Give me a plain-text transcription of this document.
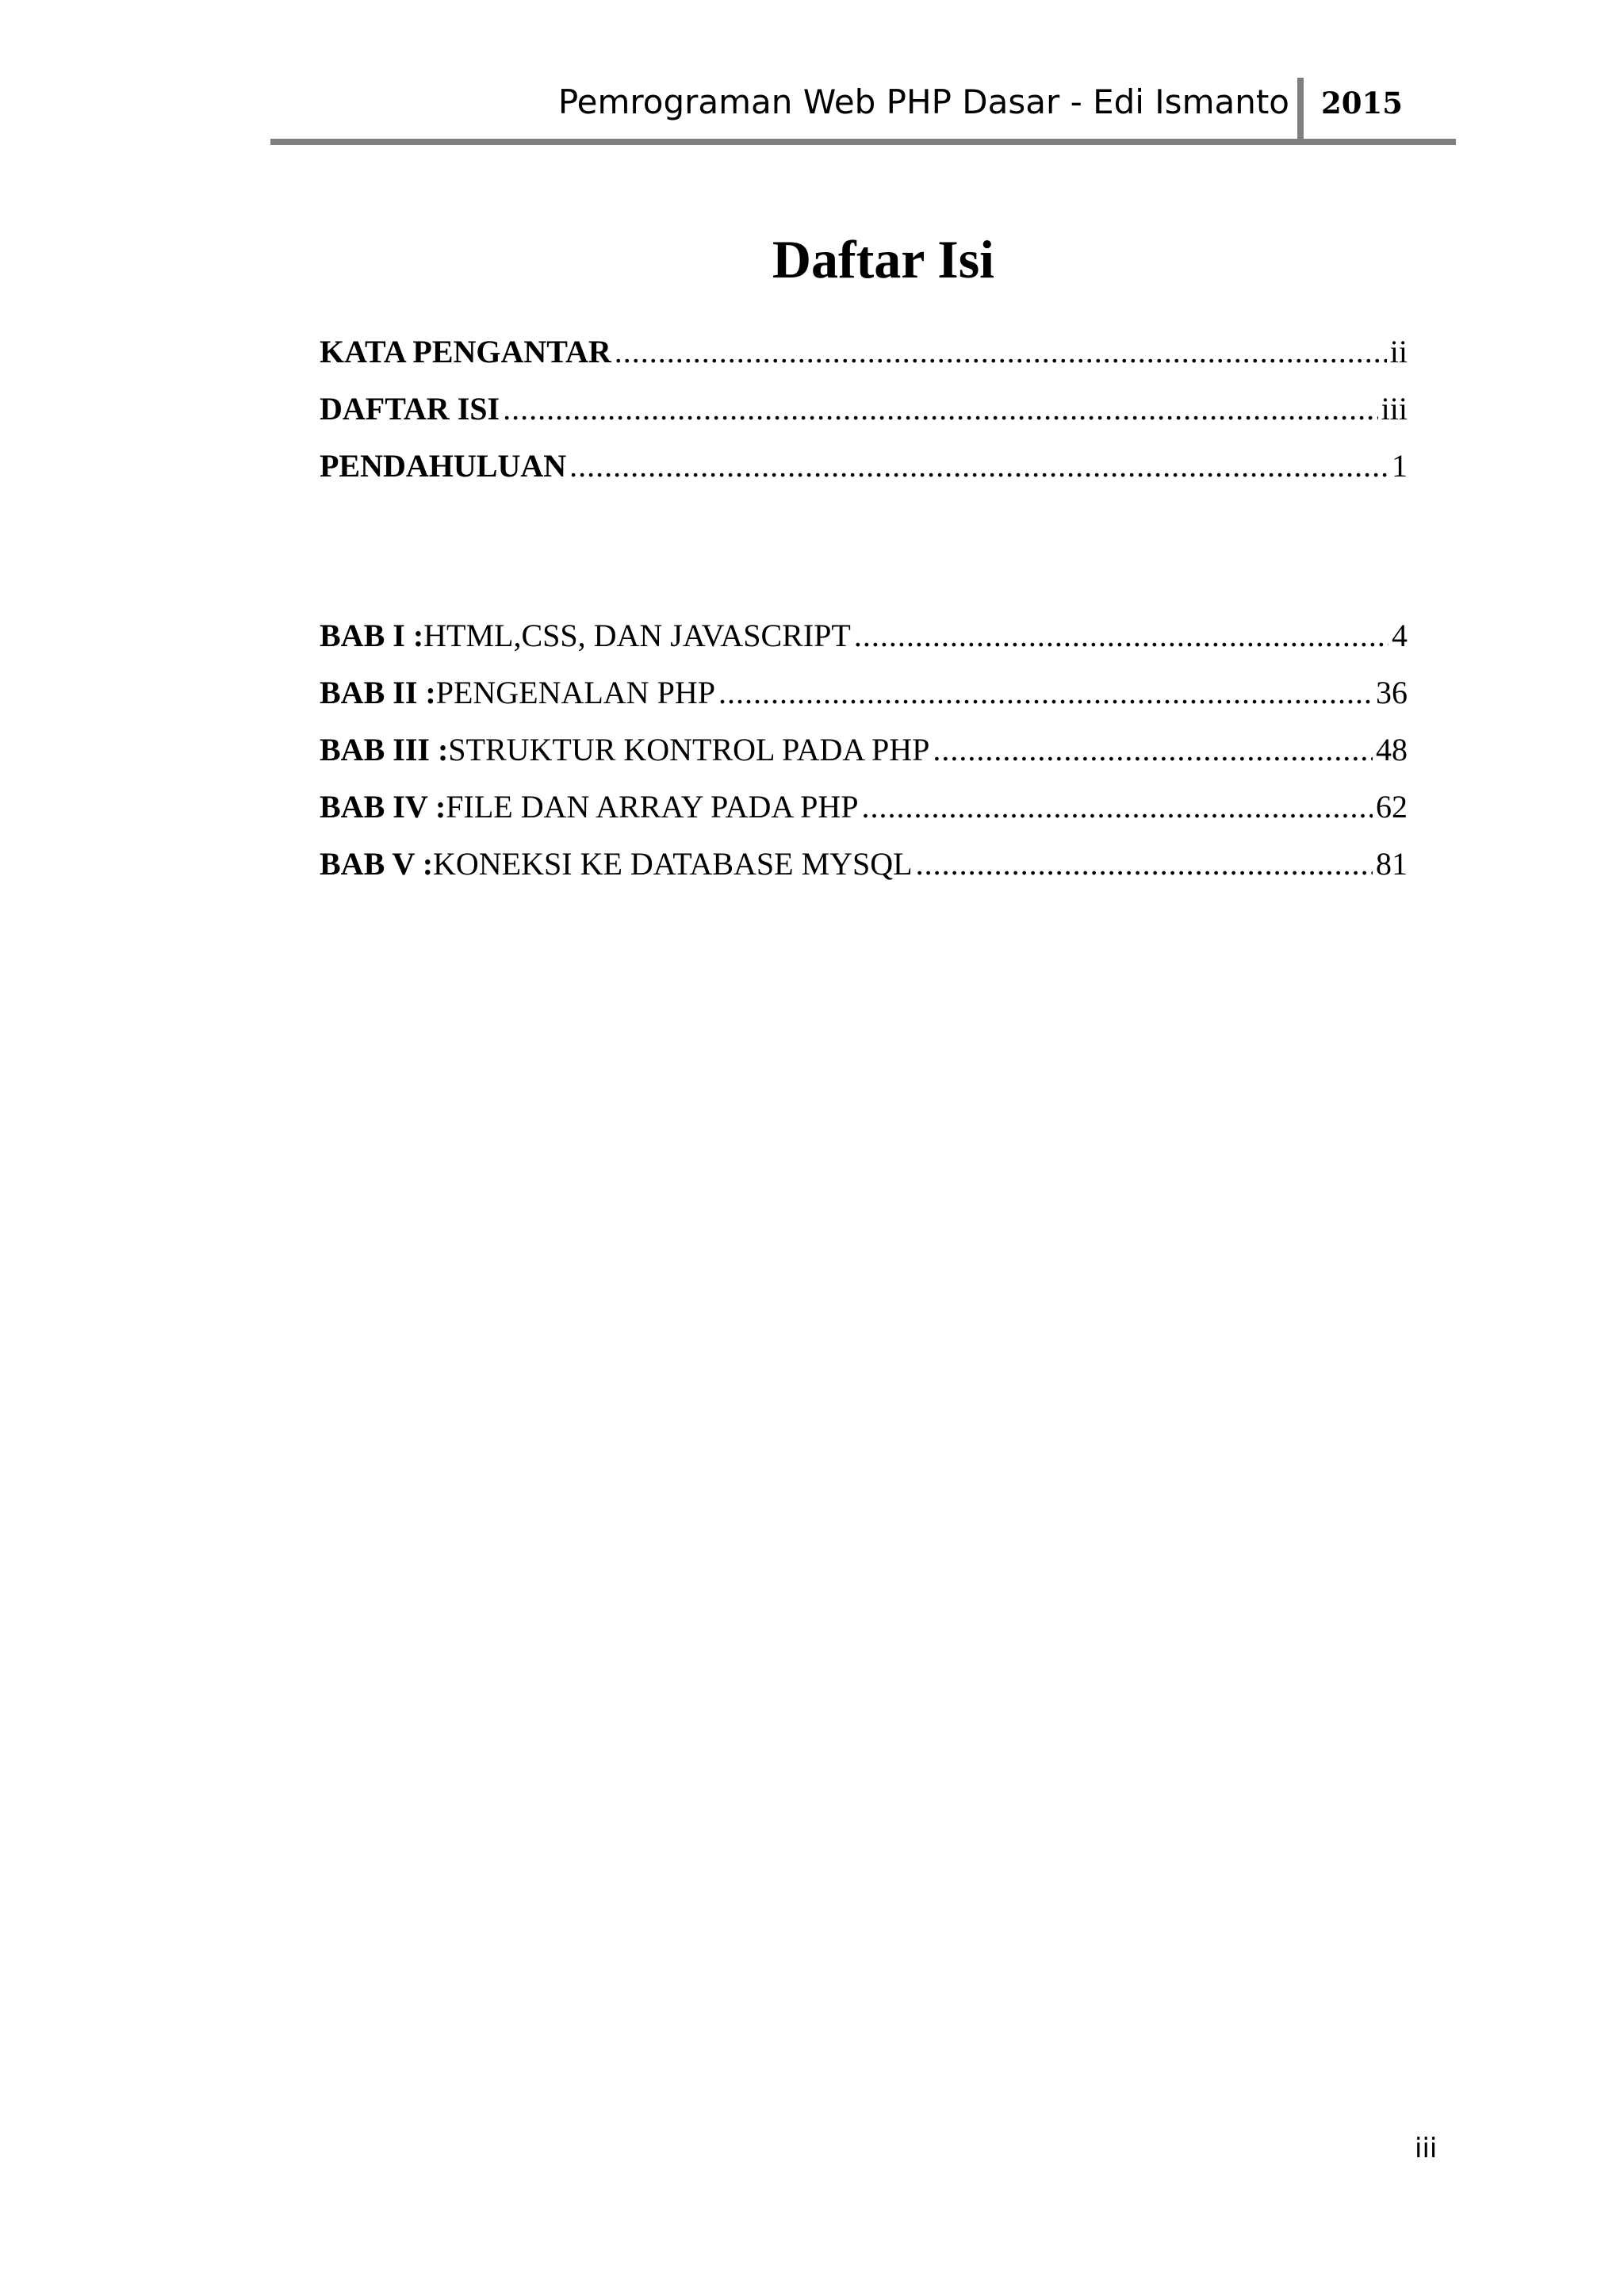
Pemrograman Web PHP Dasar - Edi Ismanto 2015
Daftar Isi
KATA PENGANTAR .....	ii
DAFTAR ISI .....	iii
PENDAHULUAN .....	1
BAB I : HTML,CSS, DAN JAVASCRIPT .....	4
BAB II : PENGENALAN PHP .....	36
BAB III : STRUKTUR KONTROL PADA PHP .....	48
BAB IV : FILE DAN ARRAY PADA PHP .....	62
BAB V : KONEKSI KE DATABASE MYSQL .....	81
iii
